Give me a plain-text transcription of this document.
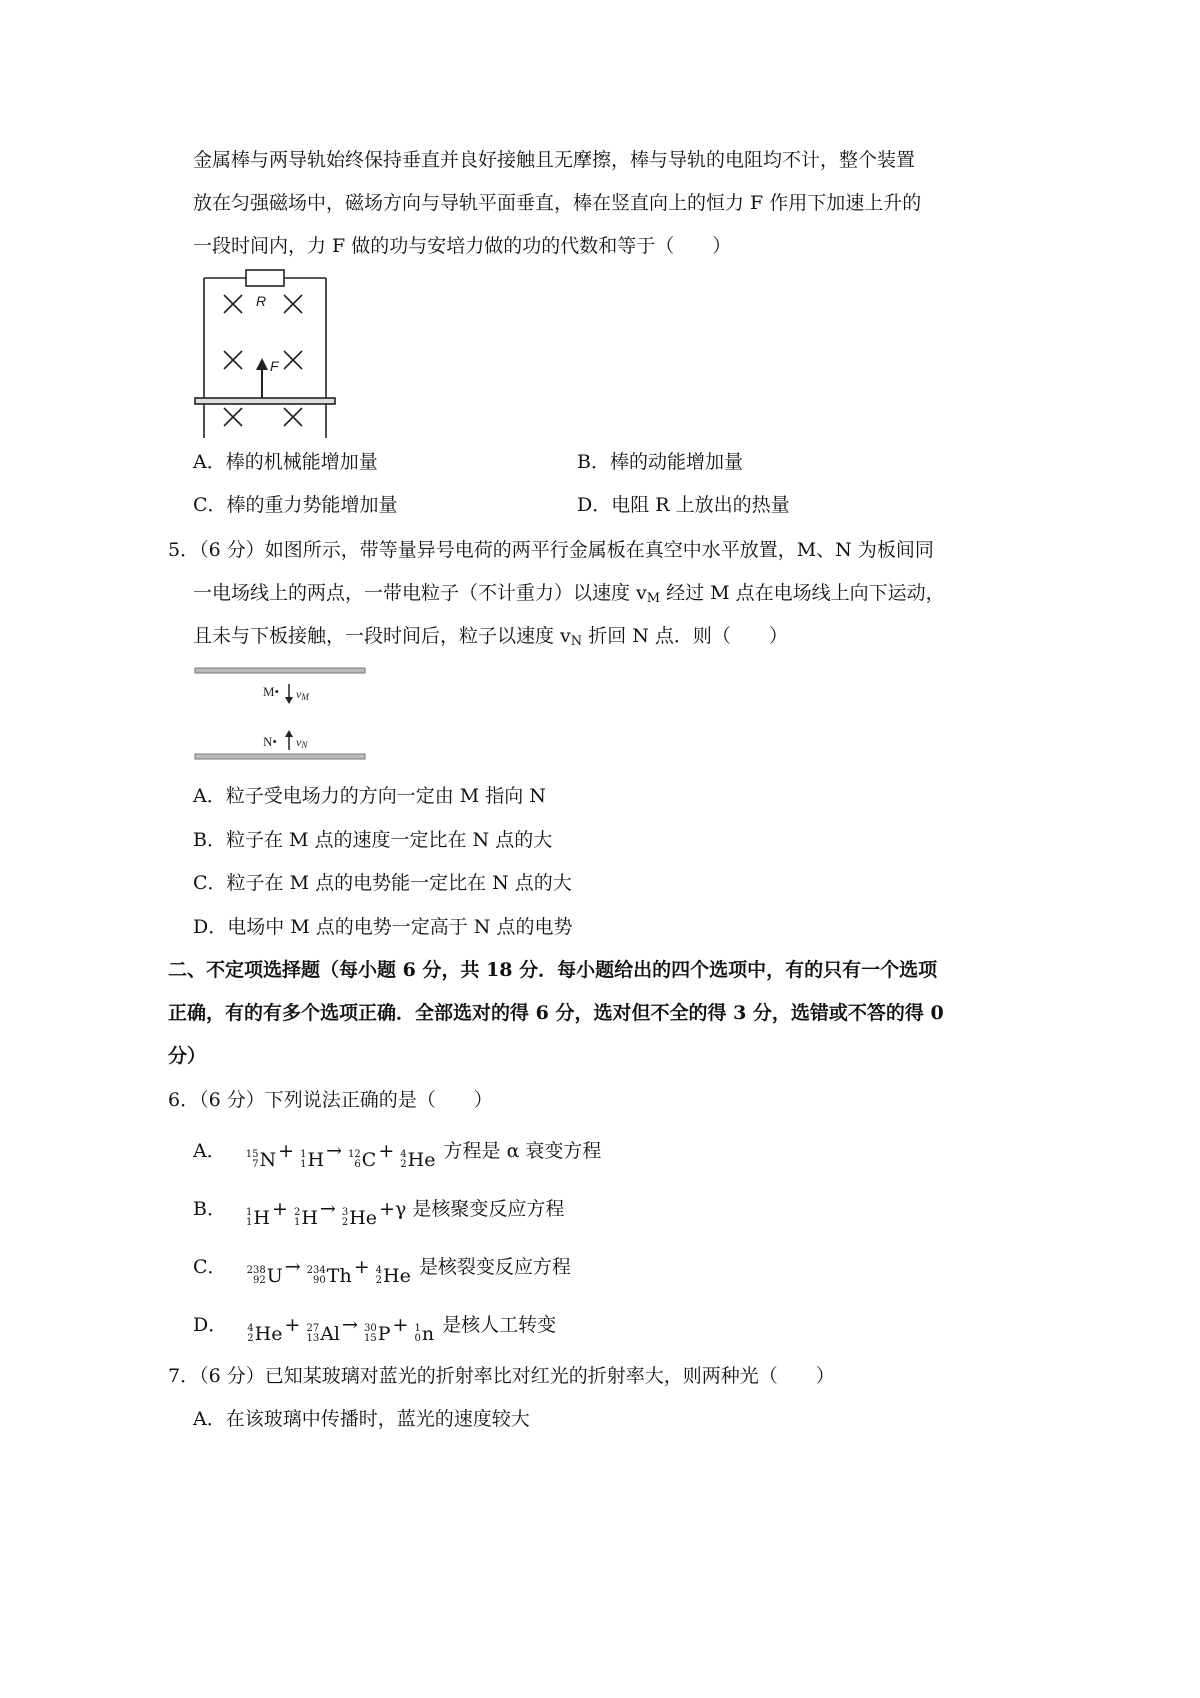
金属棒与两导轨始终保持垂直并良好接触且无摩擦，棒与导轨的电阻均不计，整个装置
放在匀强磁场中，磁场方向与导轨平面垂直，棒在竖直向上的恒力 F 作用下加速上升的
一段时间内，力 F 做的功与安培力做的功的代数和等于（　　）
R
F
A．棒的机械能增加量	B．棒的动能增加量
C．棒的重力势能增加量	D．电阻 R 上放出的热量
5．（6 分）如图所示，带等量异号电荷的两平行金属板在真空中水平放置，M、N 为板间同
一电场线上的两点，一带电粒子（不计重力）以速度 $v_M$ 经过 M 点在电场线上向下运动，
且未与下板接触，一段时间后，粒子以速度 $v_N$ 折回 N 点．则（　　）
M• vM
N• vN
A．粒子受电场力的方向一定由 M 指向 N
B．粒子在 M 点的速度一定比在 N 点的大
C．粒子在 M 点的电势能一定比在 N 点的大
D．电场中 M 点的电势一定高于 N 点的电势
二、不定项选择题（每小题 6 分，共 18 分．每小题给出的四个选项中，有的只有一个选项
正确，有的有多个选项正确．全部选对的得 6 分，选对但不全的得 3 分，选错或不答的得 0
分）
6．（6 分）下列说法正确的是（　　）
A． 15
7 N + 1
1 H → 12
6 C + 4
2 He 方程是 α 衰变方程
B． 1
1 H + 2
1 H → 3
2 He +γ 是核聚变反应方程
C． 238
92 U → 234
90 Th + 4
2 He 是核裂变反应方程
D． 4
2 He + 27
13 Al → 30
15 P + 1
0 n 是核人工转变
7．（6 分）已知某玻璃对蓝光的折射率比对红光的折射率大，则两种光（　　）
A．在该玻璃中传播时，蓝光的速度较大
